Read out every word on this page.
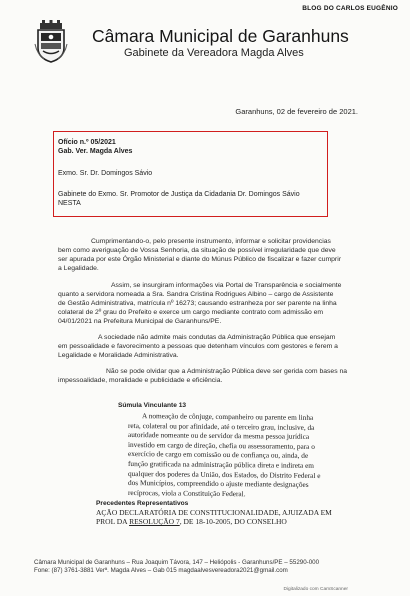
BLOG DO CARLOS EUGÊNIO
Câmara Municipal de Garanhuns
Gabinete da Vereadora Magda Alves
Garanhuns, 02 de fevereiro de 2021.
Ofício n.º 05/2021
Gab. Ver. Magda Alves
Exmo. Sr. Dr. Domingos Sávio
Gabinete do Exmo. Sr. Promotor de Justiça da Cidadania Dr. Domingos Sávio
NESTA
Cumprimentando-o, pelo presente instrumento, informar e solicitar providencias
bem como averiguação de Vossa Senhoria, da situação de possível irregularidade que deve
ser apurada por este Órgão Ministerial e diante do Múnus Público de fiscalizar e fazer cumprir
a Legalidade.
Assim, se insurgiram informações via Portal de Transparência e socialmente
quanto a servidora nomeada a Sra. Sandra Cristina Rodrigues Albino – cargo de Assistente
de Gestão Administrativa, matrícula nº 16273; causando estranheza por ser parente na linha
colateral de 2º grau do Prefeito e exerce um cargo mediante contrato com admissão em
04/01/2021 na Prefeitura Municipal de Garanhuns/PE.
A sociedade não admite mais condutas da Administração Pública que ensejam
em pessoalidade e favorecimento a pessoas que detenham vínculos com gestores e ferem a
Legalidade e Moralidade Administrativa.
Não se pode olvidar que a Administração Pública deve ser gerida com bases na
impessoalidade, moralidade e publicidade e eficiência.
Súmula Vinculante 13
A nomeação de cônjuge, companheiro ou parente em linha
reta, colateral ou por afinidade, até o terceiro grau, inclusive, da
autoridade nomeante ou de servidor da mesma pessoa jurídica
investido em cargo de direção, chefia ou assessoramento, para o
exercício de cargo em comissão ou de confiança ou, ainda, de
função gratificada na administração pública direta e indireta em
qualquer dos poderes da União, dos Estados, do Distrito Federal e
dos Municípios, compreendido o ajuste mediante designações
recíprocas, viola a Constituição Federal.
Precedentes Representativos
AÇÃO DECLARATÓRIA DE CONSTITUCIONALIDADE, AJUIZADA EM
PROL DA RESOLUÇÃO 7, DE 18-10-2005, DO CONSELHO
Câmara Municipal de Garanhuns – Rua Joaquim Távora, 147 – Heliópolis - Garanhuns/PE – 55290-000
Fone: (87) 3761-3881 Verª. Magda Alves – Gab 015 magdaalvesvereadora2021@gmail.com
Digitalizado com CamScanner
